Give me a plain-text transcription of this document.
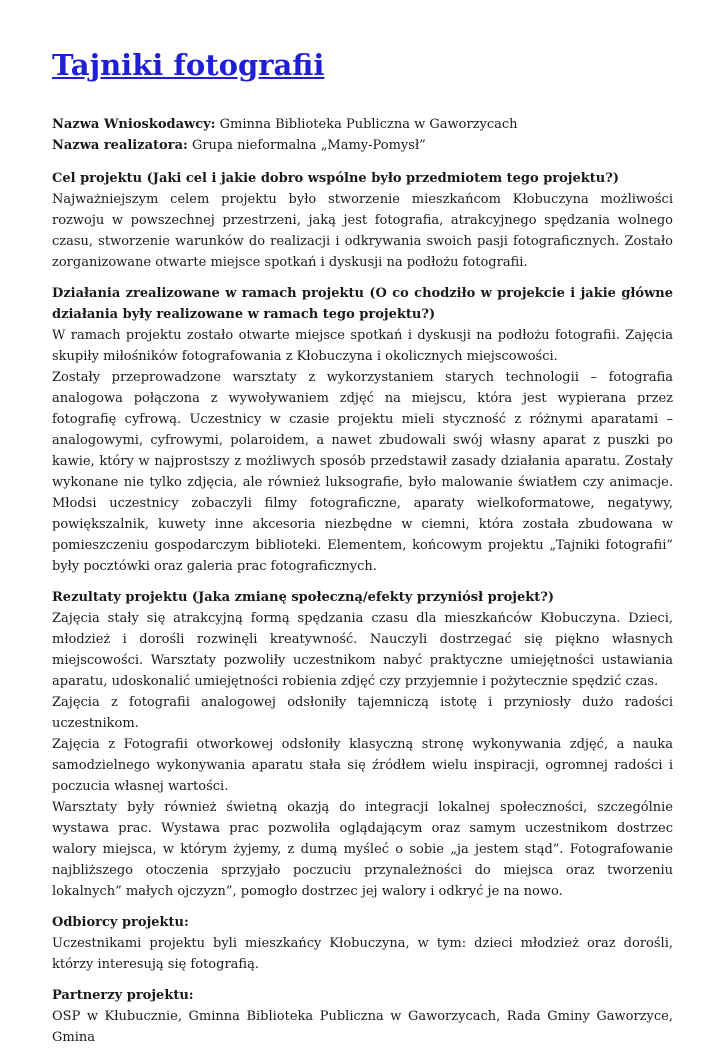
Tajniki fotografii

Nazwa Wnioskodawcy: Gminna Biblioteka Publiczna w Gaworzycach

Nazwa realizatora: Grupa nieformalna „Mamy-Pomysł”

Cel projektu (Jaki cel i jakie dobro wspólne było przedmiotem tego projektu?)

Najważniejszym celem projektu było stworzenie mieszkańcom Kłobuczyna możliwości rozwoju w powszechnej przestrzeni, jaką jest fotografia, atrakcyjnego spędzania wolnego czasu, stworzenie warunków do realizacji i odkrywania swoich pasji fotograficznych. Zostało zorganizowane otwarte miejsce spotkań i dyskusji na podłożu fotografii.

Działania zrealizowane w ramach projektu (O co chodziło w projekcie i jakie główne działania były realizowane w ramach tego projektu?)

W ramach projektu zostało otwarte miejsce spotkań i dyskusji na podłożu fotografii. Zajęcia skupiły miłośników fotografowania z Kłobuczyna i okolicznych miejscowości.

Zostały przeprowadzone warsztaty z wykorzystaniem starych technologii – fotografia analogowa połączona z wywoływaniem zdjęć na miejscu, która jest wypierana przez fotografię cyfrową. Uczestnicy w czasie projektu mieli styczność z różnymi aparatami – analogowymi, cyfrowymi, polaroidem, a nawet zbudowali swój własny aparat z puszki po kawie, który w najprostszy z możliwych sposób przedstawił zasady działania aparatu. Zostały wykonane nie tylko zdjęcia, ale również luksografie, było malowanie światłem czy animacje. Młodsi uczestnicy zobaczyli filmy fotograficzne, aparaty wielkoformatowe, negatywy, powiększalnik, kuwety inne akcesoria niezbędne w ciemni, która została zbudowana w pomieszczeniu gospodarczym biblioteki. Elementem, końcowym projektu „Tajniki fotografii” były pocztówki oraz galeria prac fotograficznych.

Rezultaty projektu (Jaka zmianę społeczną/efekty przyniósł projekt?)

Zajęcia stały się atrakcyjną formą spędzania czasu dla mieszkańców Kłobuczyna. Dzieci, młodzież i dorośli rozwinęli kreatywność. Nauczyli dostrzegać się piękno własnych miejscowości. Warsztaty pozwoliły uczestnikom nabyć praktyczne umiejętności ustawiania aparatu, udoskonalić umiejętności robienia zdjęć czy przyjemnie i pożytecznie spędzić czas.

Zajęcia z fotografii analogowej odsłoniły tajemniczą istotę i przyniosły dużo radości uczestnikom.

Zajęcia z Fotografii otworkowej odsłoniły klasyczną stronę wykonywania zdjęć, a nauka samodzielnego wykonywania aparatu stała się źródłem wielu inspiracji, ogromnej radości i poczucia własnej wartości.

Warsztaty były również świetną okazją do integracji lokalnej społeczności, szczególnie wystawa prac. Wystawa prac pozwoliła oglądającym oraz samym uczestnikom dostrzec walory miejsca, w którym żyjemy, z dumą myśleć o sobie „ja jestem stąd”. Fotografowanie najbliższego otoczenia sprzyjało poczuciu przynależności do miejsca oraz tworzeniu lokalnych” małych ojczyzn”, pomogło dostrzec jej walory i odkryć je na nowo.

Odbiorcy projektu:

Uczestnikami projektu byli mieszkańcy Kłobuczyna, w tym: dzieci młodzież oraz dorośli, którzy interesują się fotografią.

Partnerzy projektu:

OSP w Kłubucznie, Gminna Biblioteka Publiczna w Gaworzycach, Rada Gminy Gaworzyce, Gmina
